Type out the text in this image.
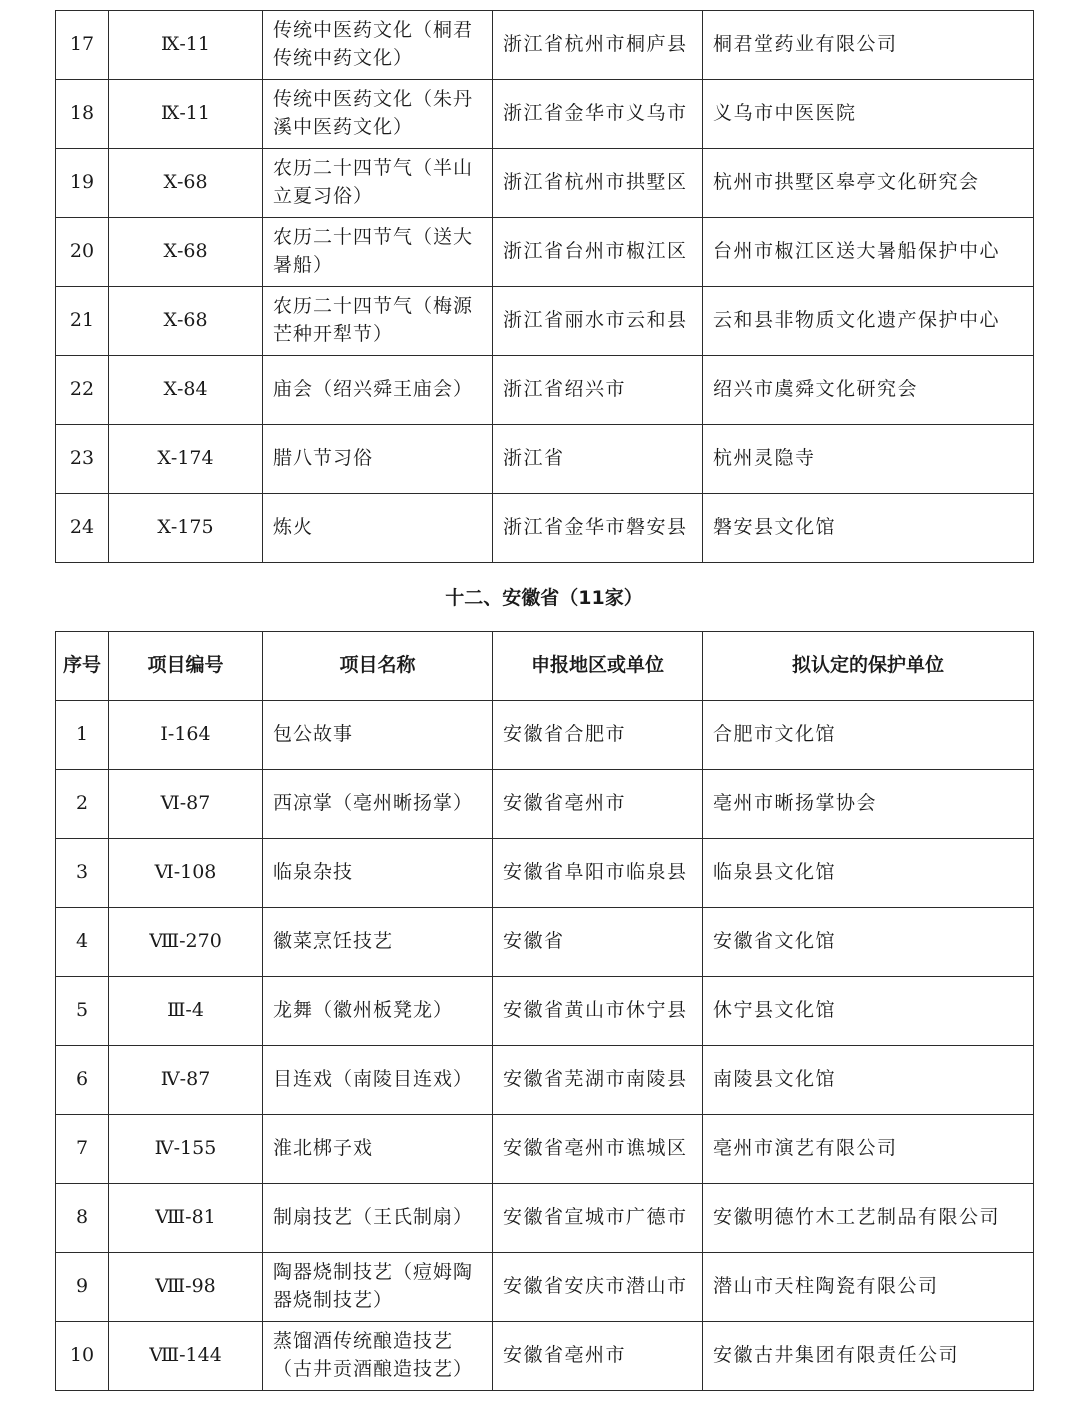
17	Ⅸ-11	传统中医药文化（桐君传统中药文化）	浙江省杭州市桐庐县	桐君堂药业有限公司
18	Ⅸ-11	传统中医药文化（朱丹溪中医药文化）	浙江省金华市义乌市	义乌市中医医院
19	Ⅹ-68	农历二十四节气（半山立夏习俗）	浙江省杭州市拱墅区	杭州市拱墅区皋亭文化研究会
20	Ⅹ-68	农历二十四节气（送大暑船）	浙江省台州市椒江区	台州市椒江区送大暑船保护中心
21	Ⅹ-68	农历二十四节气（梅源芒种开犁节）	浙江省丽水市云和县	云和县非物质文化遗产保护中心
22	Ⅹ-84	庙会（绍兴舜王庙会）	浙江省绍兴市	绍兴市虞舜文化研究会
23	Ⅹ-174	腊八节习俗	浙江省	杭州灵隐寺
24	Ⅹ-175	炼火	浙江省金华市磐安县	磐安县文化馆
十二、安徽省（11家）
序号	项目编号	项目名称	申报地区或单位	拟认定的保护单位
1	Ⅰ-164	包公故事	安徽省合肥市	合肥市文化馆
2	Ⅵ-87	西凉掌（亳州晰扬掌）	安徽省亳州市	亳州市晰扬掌协会
3	Ⅵ-108	临泉杂技	安徽省阜阳市临泉县	临泉县文化馆
4	Ⅷ-270	徽菜烹饪技艺	安徽省	安徽省文化馆
5	Ⅲ-4	龙舞（徽州板凳龙）	安徽省黄山市休宁县	休宁县文化馆
6	Ⅳ-87	目连戏（南陵目连戏）	安徽省芜湖市南陵县	南陵县文化馆
7	Ⅳ-155	淮北梆子戏	安徽省亳州市谯城区	亳州市演艺有限公司
8	Ⅷ-81	制扇技艺（王氏制扇）	安徽省宣城市广德市	安徽明德竹木工艺制品有限公司
9	Ⅷ-98	陶器烧制技艺（痘姆陶器烧制技艺）	安徽省安庆市潜山市	潜山市天柱陶瓷有限公司
10	Ⅷ-144	蒸馏酒传统酿造技艺（古井贡酒酿造技艺）	安徽省亳州市	安徽古井集团有限责任公司
